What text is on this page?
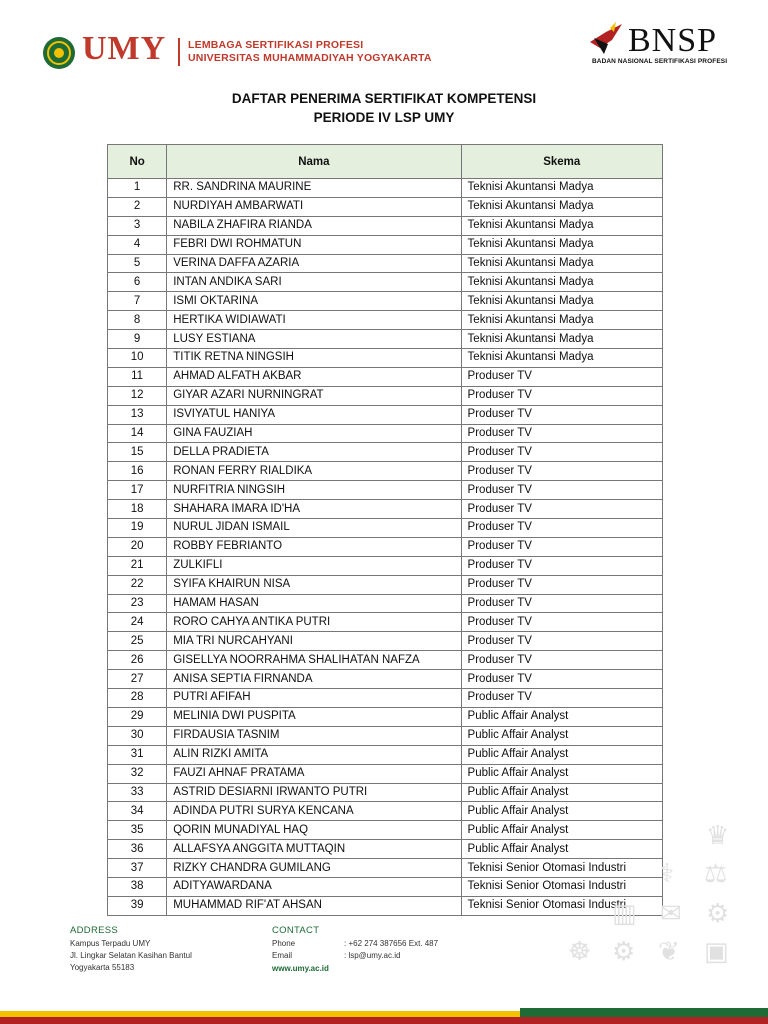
UMY LEMBAGA SERTIFIKASI PROFESI
UNIVERSITAS MUHAMMADIYAH YOGYAKARTA	BNSP
BADAN NASIONAL SERTIFIKASI PROFESI
DAFTAR PENERIMA SERTIFIKAT KOMPETENSI
PERIODE IV LSP UMY
No	Nama	Skema
1	RR. SANDRINA MAURINE	Teknisi Akuntansi Madya
2	NURDIYAH AMBARWATI	Teknisi Akuntansi Madya
3	NABILA ZHAFIRA RIANDA	Teknisi Akuntansi Madya
4	FEBRI DWI ROHMATUN	Teknisi Akuntansi Madya
5	VERINA DAFFA AZARIA	Teknisi Akuntansi Madya
6	INTAN ANDIKA SARI	Teknisi Akuntansi Madya
7	ISMI OKTARINA	Teknisi Akuntansi Madya
8	HERTIKA WIDIAWATI	Teknisi Akuntansi Madya
9	LUSY ESTIANA	Teknisi Akuntansi Madya
10	TITIK RETNA NINGSIH	Teknisi Akuntansi Madya
11	AHMAD ALFATH AKBAR	Produser TV
12	GIYAR AZARI NURNINGRAT	Produser TV
13	ISVIYATUL HANIYA	Produser TV
14	GINA FAUZIAH	Produser TV
15	DELLA PRADIETA	Produser TV
16	RONAN FERRY RIALDIKA	Produser TV
17	NURFITRIA NINGSIH	Produser TV
18	SHAHARA IMARA ID'HA	Produser TV
19	NURUL JIDAN ISMAIL	Produser TV
20	ROBBY FEBRIANTO	Produser TV
21	ZULKIFLI	Produser TV
22	SYIFA KHAIRUN NISA	Produser TV
23	HAMAM HASAN	Produser TV
24	RORO CAHYA ANTIKA PUTRI	Produser TV
25	MIA TRI NURCAHYANI	Produser TV
26	GISELLYA NOORRAHMA SHALIHATAN NAFZA	Produser TV
27	ANISA SEPTIA FIRNANDA	Produser TV
28	PUTRI AFIFAH	Produser TV
29	MELINIA DWI PUSPITA	Public Affair Analyst
30	FIRDAUSIA TASNIM	Public Affair Analyst
31	ALIN RIZKI AMITA	Public Affair Analyst
32	FAUZI AHNAF PRATAMA	Public Affair Analyst
33	ASTRID DESIARNI IRWANTO PUTRI	Public Affair Analyst
34	ADINDA PUTRI SURYA KENCANA	Public Affair Analyst
35	QORIN MUNADIYAL HAQ	Public Affair Analyst
36	ALLAFSYA ANGGITA MUTTAQIN	Public Affair Analyst
37	RIZKY CHANDRA GUMILANG	Teknisi Senior Otomasi Industri
38	ADITYAWARDANA	Teknisi Senior Otomasi Industri
39	MUHAMMAD RIF'AT AHSAN	Teknisi Senior Otomasi Industri
ADDRESS
Kampus Terpadu UMY
Jl. Lingkar Selatan Kasihan Bantul
Yogyakarta 55183
CONTACT
Phone	: +62 274 387656 Ext. 487
Email	: lsp@umy.ac.id
www.umy.ac.id
♛
⚖
⚕
⚙
✉
▥
☸ ⚙ ❦ ▣
